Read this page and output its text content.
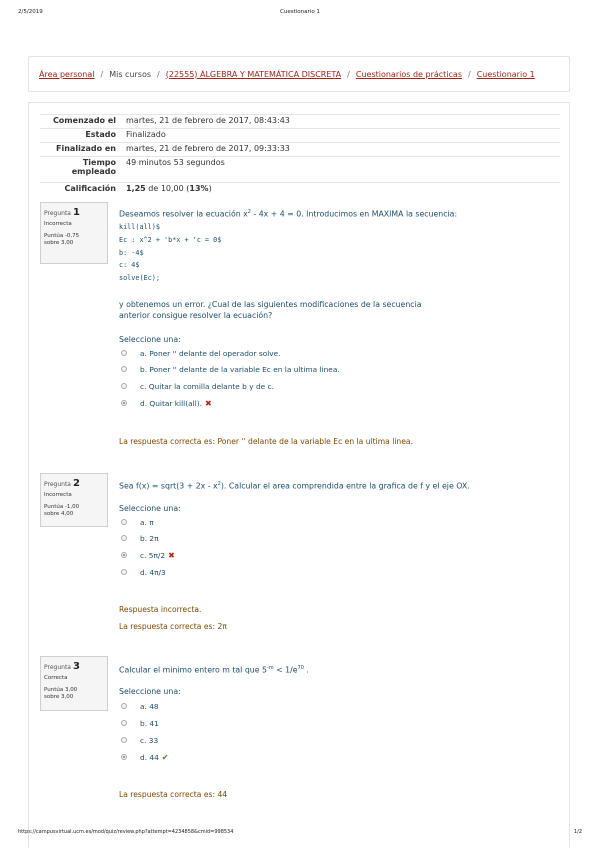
2/5/2019	Cuestionario 1
Área personal / Mis cursos / (22555) ÁLGEBRA Y MATEMÁTICA DISCRETA / Cuestionarios de prácticas / Cuestionario 1
Comenzado el	martes, 21 de febrero de 2017, 08:43:43
Estado	Finalizado
Finalizado en	martes, 21 de febrero de 2017, 09:33:33
Tiempo empleado	49 minutos 53 segundos
Calificación	1,25 de 10,00 (13%)
Pregunta 1
Incorrecta
Puntúa -0,75
sobre 3,00
Deseamos resolver la ecuación $x^2 - 4x + 4 = 0$. Introducimos en MAXIMA la secuencia:
kill(all)$
Ec : x^2 + 'b*x + 'c = 0$
b: -4$
c: 4$
solve(Ec);
y obtenemos un error. ¿Cual de las siguientes modificaciones de la secuencia anterior consigue resolver la ecuación?
Seleccione una:
a. Poner '' delante del operador solve.
b. Poner '' delante de la variable Ec en la ultima linea.
c. Quitar la comilla delante b y de c.
d. Quitar kill(all). ✖
La respuesta correcta es: Poner '' delante de la variable Ec en la ultima linea.
Pregunta 2
Incorrecta
Puntúa -1,00
sobre 4,00
Sea f(x) = sqrt(3 + $2x - x^2$). Calcular el area comprendida entre la grafica de f y el eje OX.
Seleccione una:
a. π
b. 2π
c. 5π/2 ✖
d. 4π/3
Respuesta incorrecta.
La respuesta correcta es: 2π
Pregunta 3
Correcta
Puntúa 3,00
sobre 3,00
Calcular el minimo entero m tal que $5^{-m} < 1/e^{70}$ .
Seleccione una:
a. 48
b. 41
c. 33
d. 44 ✔
La respuesta correcta es: 44
https://campusvirtual.ucm.es/mod/quiz/review.php?attempt=4234858&cmid=998534	1/2
